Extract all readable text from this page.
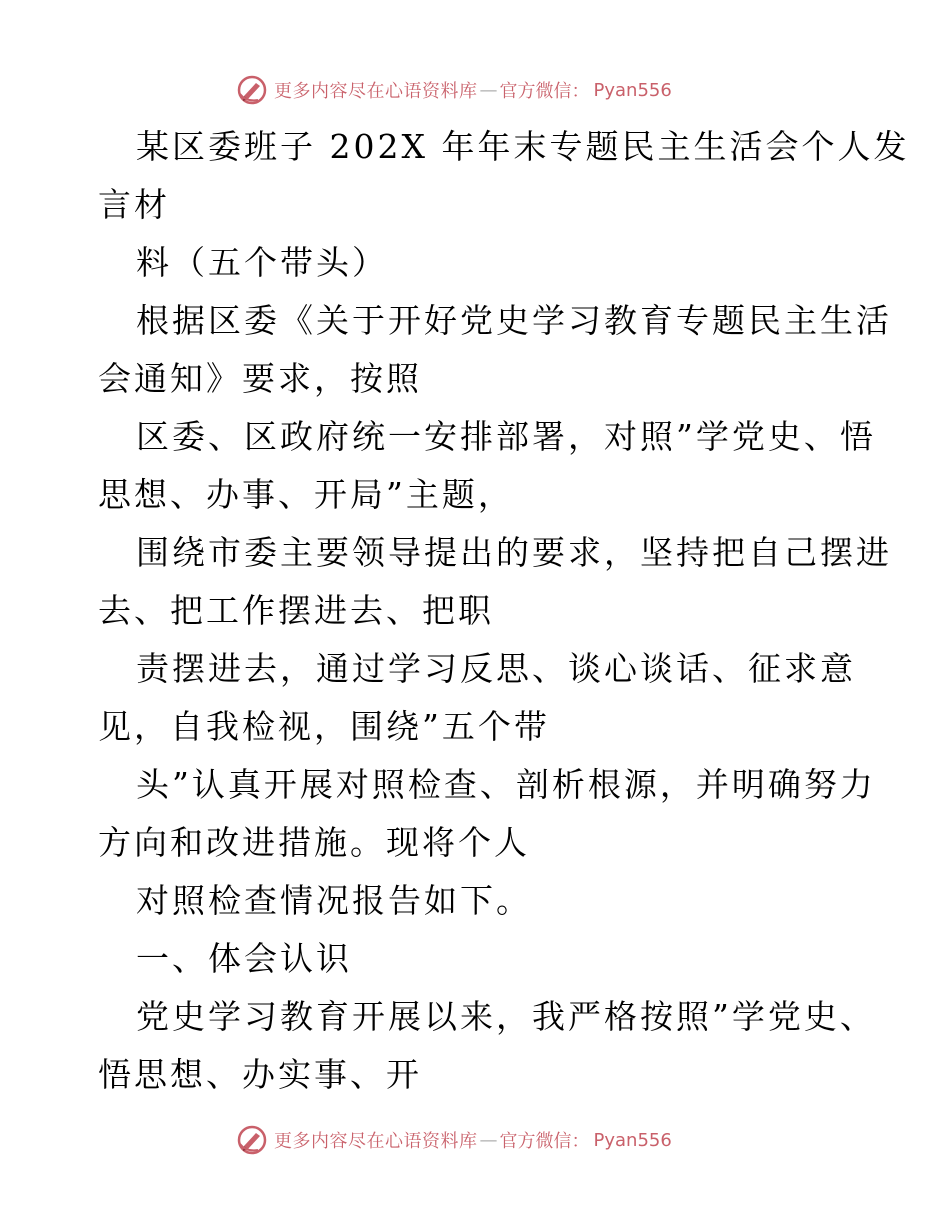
更多内容尽在心语资料库 — 官方微信： Pyan556
某区委班子 202X 年年末专题民主生活会个人发
言材
料（五个带头）
根据区委《关于开好党史学习教育专题民主生活
会通知》要求，按照
区委、区政府统一安排部署，对照”学党史、悟
思想、办事、开局”主题，
围绕市委主要领导提出的要求，坚持把自己摆进
去、把工作摆进去、把职
责摆进去，通过学习反思、谈心谈话、征求意
见，自我检视，围绕”五个带
头”认真开展对照检查、剖析根源，并明确努力
方向和改进措施。现将个人
对照检查情况报告如下。
一、体会认识
党史学习教育开展以来，我严格按照”学党史、
悟思想、办实事、开
更多内容尽在心语资料库 — 官方微信： Pyan556
